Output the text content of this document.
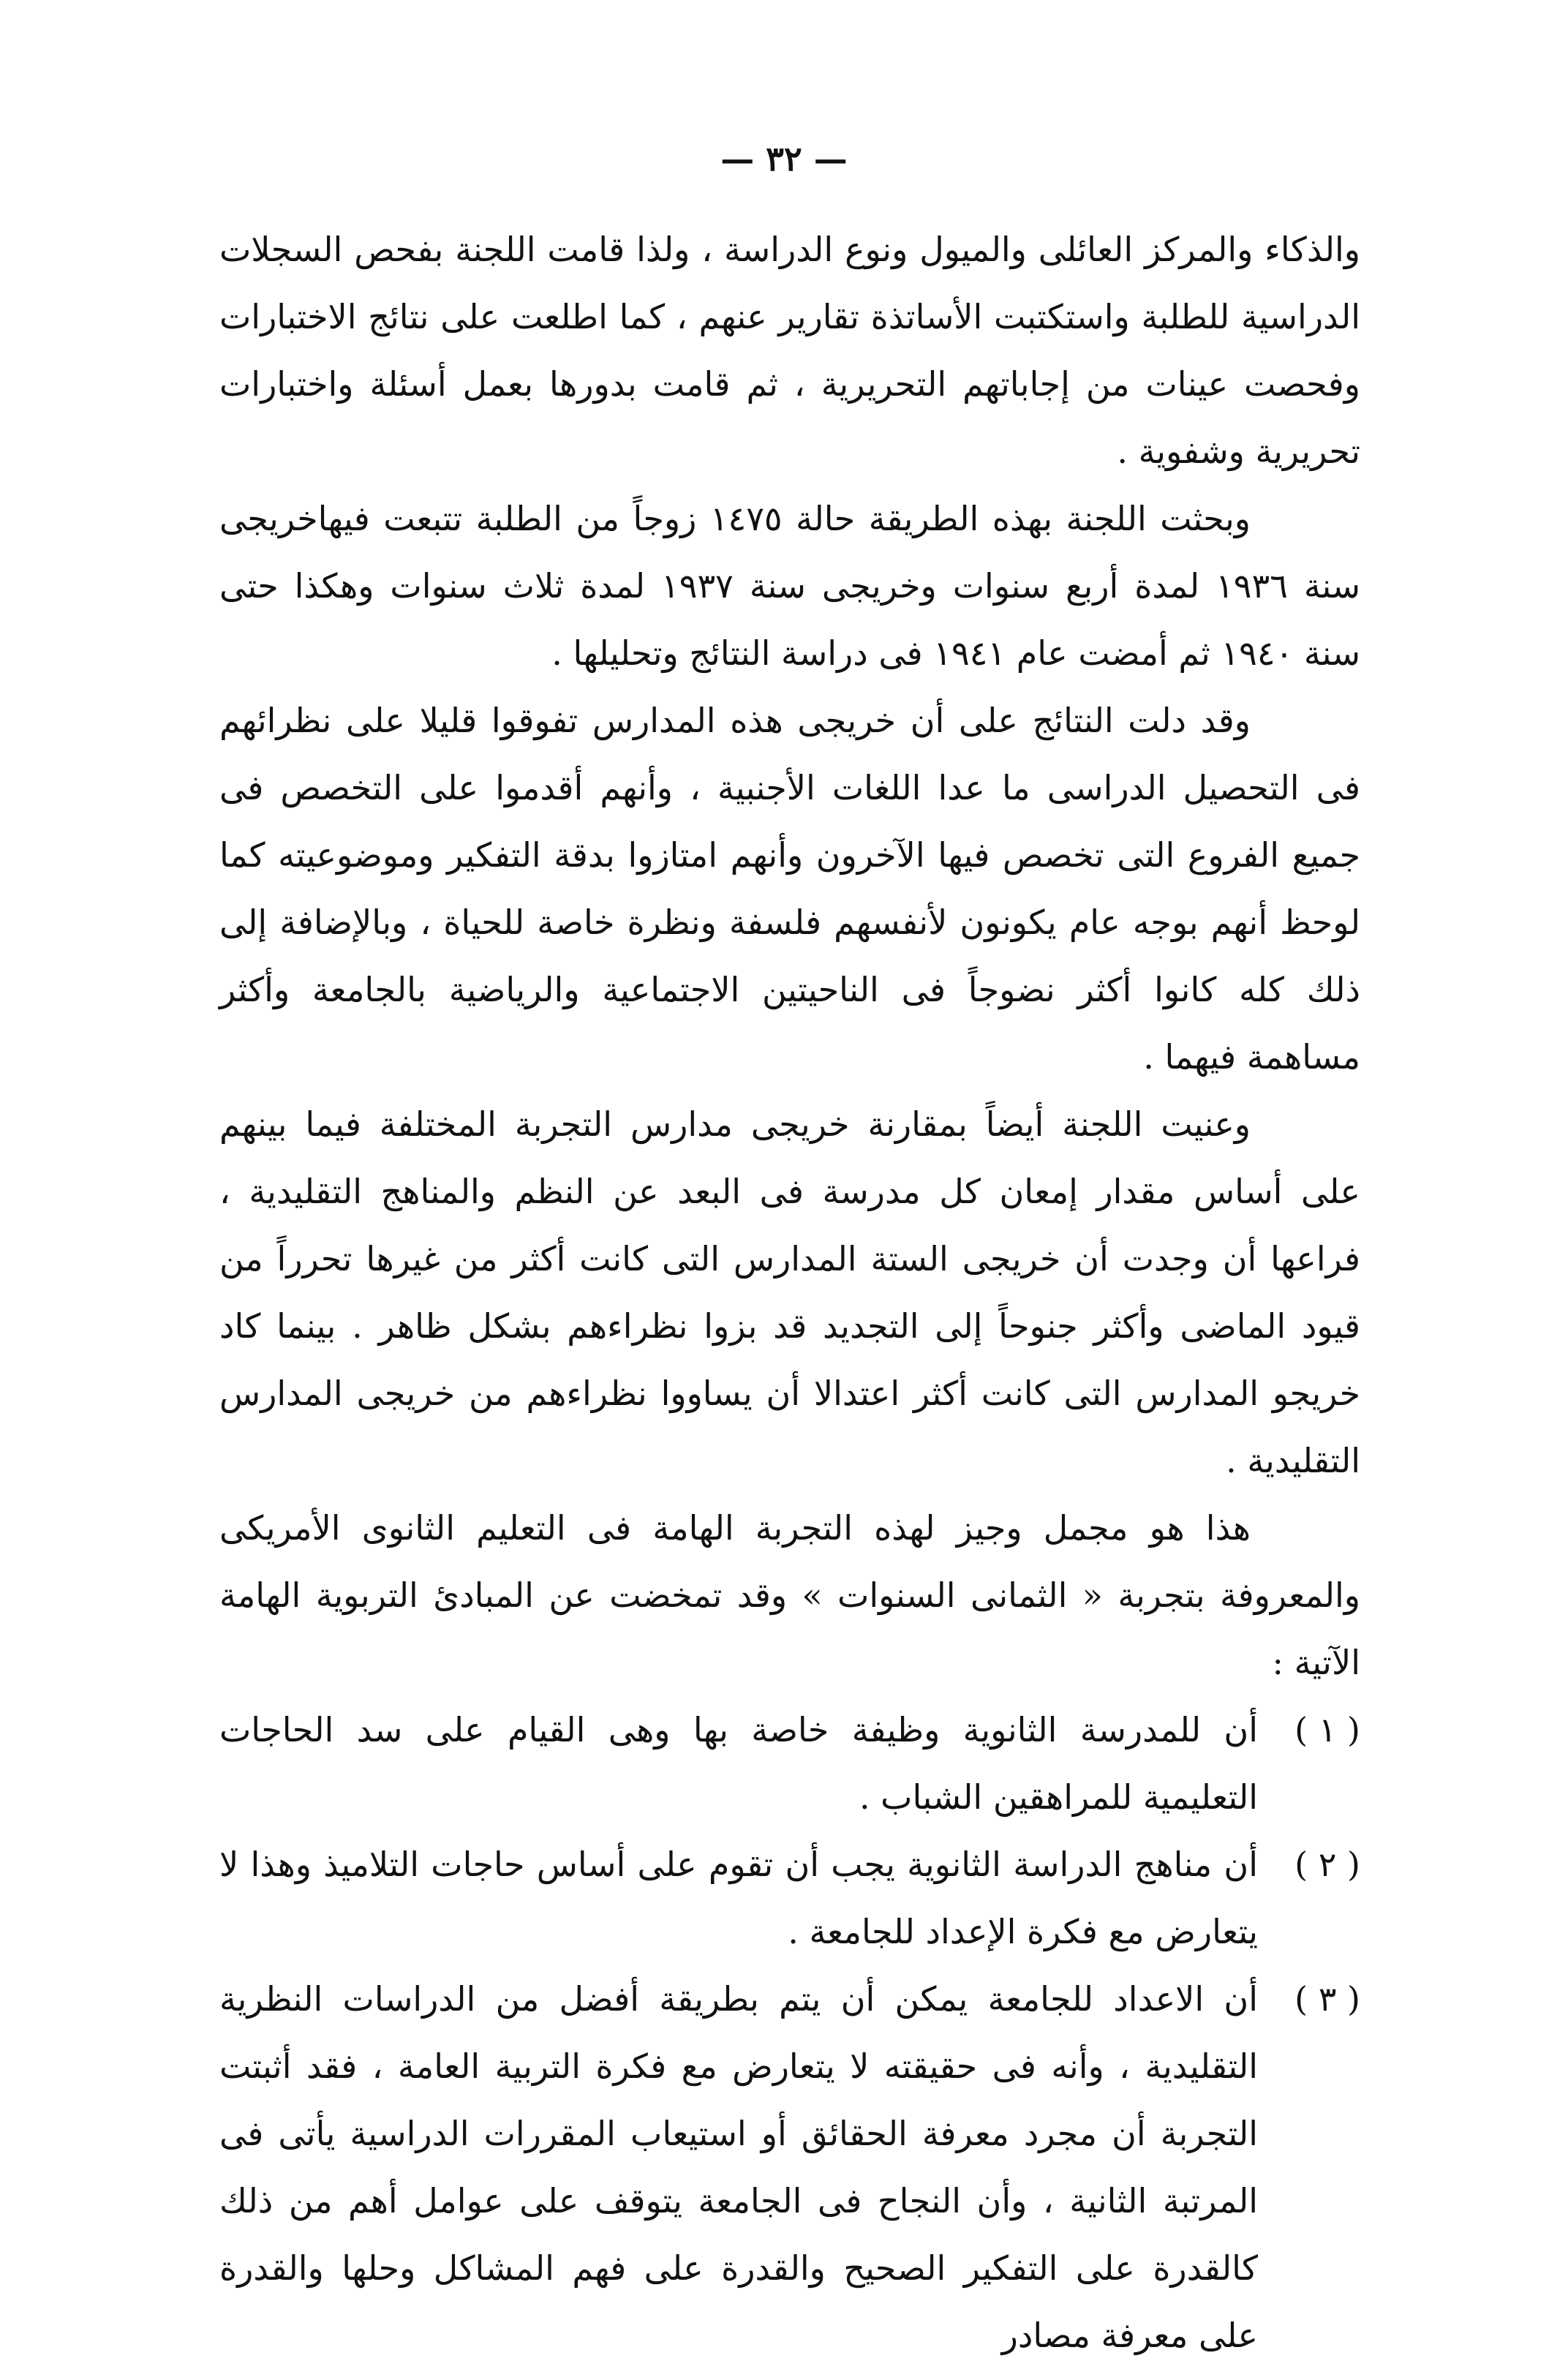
— ٣٢ —

والذكاء والمركز العائلى والميول ونوع الدراسة ، ولذا قامت اللجنة بفحص السجلات الدراسية للطلبة واستكتبت الأساتذة تقارير عنهم ، كما اطلعت على نتائج الاختبارات وفحصت عينات من إجاباتهم التحريرية ، ثم قامت بدورها بعمل أسئلة واختبارات تحريرية وشفوية .

وبحثت اللجنة بهذه الطريقة حالة ١٤٧٥ زوجاً من الطلبة تتبعت فيهاخريجى سنة ١٩٣٦ لمدة أربع سنوات وخريجى سنة ١٩٣٧ لمدة ثلاث سنوات وهكذا حتى سنة ١٩٤٠ ثم أمضت عام ١٩٤١ فى دراسة النتائج وتحليلها .

وقد دلت النتائج على أن خريجى هذه المدارس تفوقوا قليلا على نظرائهم فى التحصيل الدراسى ما عدا اللغات الأجنبية ، وأنهم أقدموا على التخصص فى جميع الفروع التى تخصص فيها الآخرون وأنهم امتازوا بدقة التفكير وموضوعيته كما لوحظ أنهم بوجه عام يكونون لأنفسهم فلسفة ونظرة خاصة للحياة ، وبالإضافة إلى ذلك كله كانوا أكثر نضوجاً فى الناحيتين الاجتماعية والرياضية بالجامعة وأكثر مساهمة فيهما .

وعنيت اللجنة أيضاً بمقارنة خريجى مدارس التجربة المختلفة فيما بينهم على أساس مقدار إمعان كل مدرسة فى البعد عن النظم والمناهج التقليدية ، فراعها أن وجدت أن خريجى الستة المدارس التى كانت أكثر من غيرها تحرراً من قيود الماضى وأكثر جنوحاً إلى التجديد قد بزوا نظراءهم بشكل ظاهر . بينما كاد خريجو المدارس التى كانت أكثر اعتدالا أن يساووا نظراءهم من خريجى المدارس التقليدية .

هذا هو مجمل وجيز لهذه التجربة الهامة فى التعليم الثانوى الأمريكى والمعروفة بتجربة « الثمانى السنوات » وقد تمخضت عن المبادئ التربوية الهامة الآتية :

( ١ )
أن للمدرسة الثانوية وظيفة خاصة بها وهى القيام على سد الحاجات التعليمية للمراهقين الشباب .
( ٢ )
أن مناهج الدراسة الثانوية يجب أن تقوم على أساس حاجات التلاميذ وهذا لا يتعارض مع فكرة الإعداد للجامعة .
( ٣ )
أن الاعداد للجامعة يمكن أن يتم بطريقة أفضل من الدراسات النظرية التقليدية ، وأنه فى حقيقته لا يتعارض مع فكرة التربية العامة ، فقد أثبتت التجربة أن مجرد معرفة الحقائق أو استيعاب المقررات الدراسية يأتى فى المرتبة الثانية ، وأن النجاح فى الجامعة يتوقف على عوامل أهم من ذلك كالقدرة على التفكير الصحيح والقدرة على فهم المشاكل وحلها والقدرة على معرفة مصادر
